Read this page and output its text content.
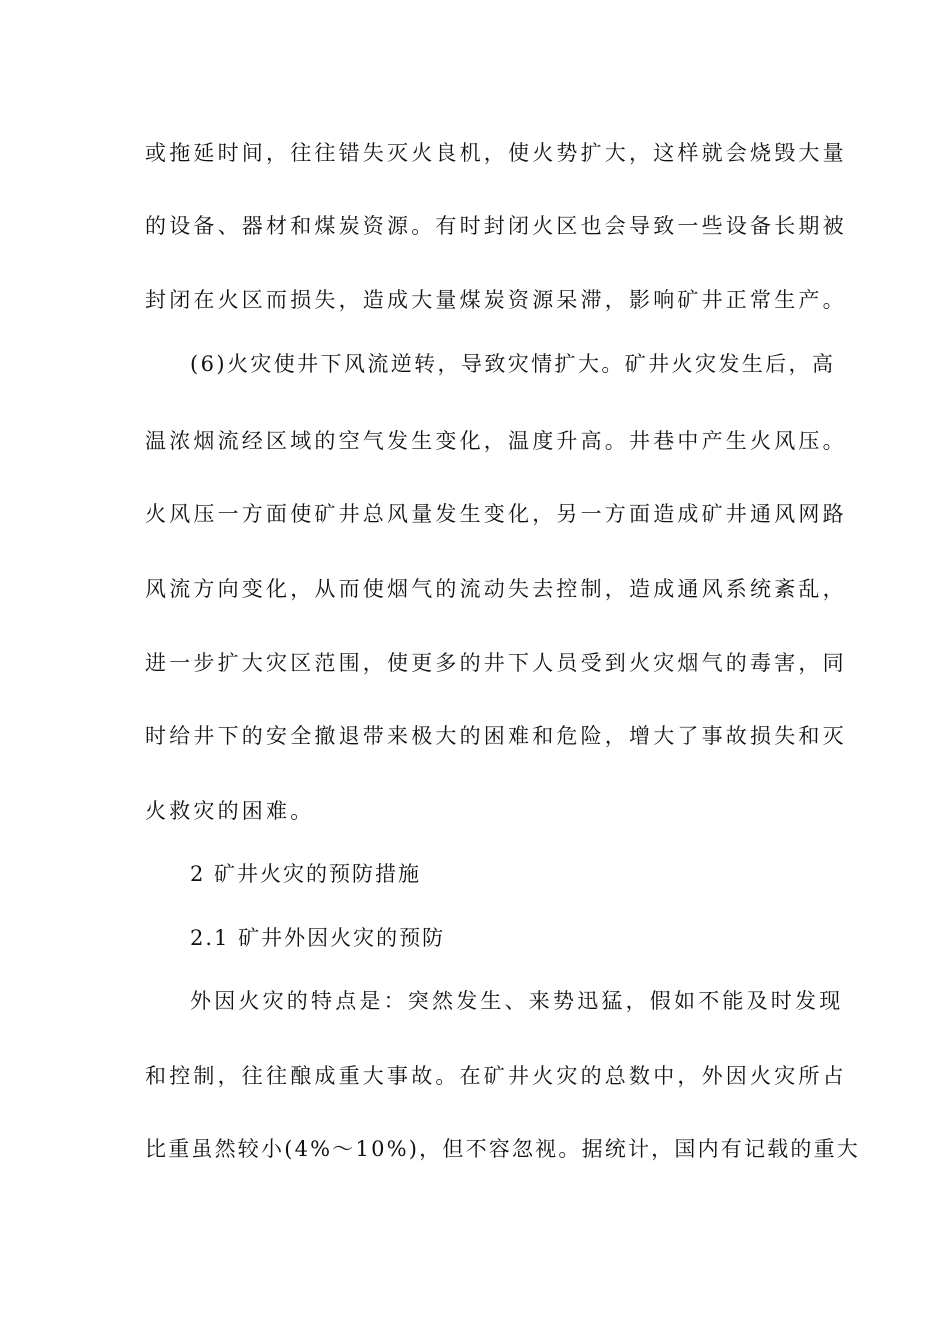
或拖延时间，往往错失灭火良机，使火势扩大，这样就会烧毁大量
的设备、器材和煤炭资源。有时封闭火区也会导致一些设备长期被
封闭在火区而损失，造成大量煤炭资源呆滞，影响矿井正常生产。
(6)火灾使井下风流逆转，导致灾情扩大。矿井火灾发生后，高
温浓烟流经区域的空气发生变化，温度升高。井巷中产生火风压。
火风压一方面使矿井总风量发生变化，另一方面造成矿井通风网路
风流方向变化，从而使烟气的流动失去控制，造成通风系统紊乱，
进一步扩大灾区范围，使更多的井下人员受到火灾烟气的毒害，同
时给井下的安全撤退带来极大的困难和危险，增大了事故损失和灭
火救灾的困难。
2 矿井火灾的预防措施
2.1 矿井外因火灾的预防
外因火灾的特点是：突然发生、来势迅猛，假如不能及时发现
和控制，往往酿成重大事故。在矿井火灾的总数中，外因火灾所占
比重虽然较小(4%～10%)，但不容忽视。据统计，国内有记载的重大
